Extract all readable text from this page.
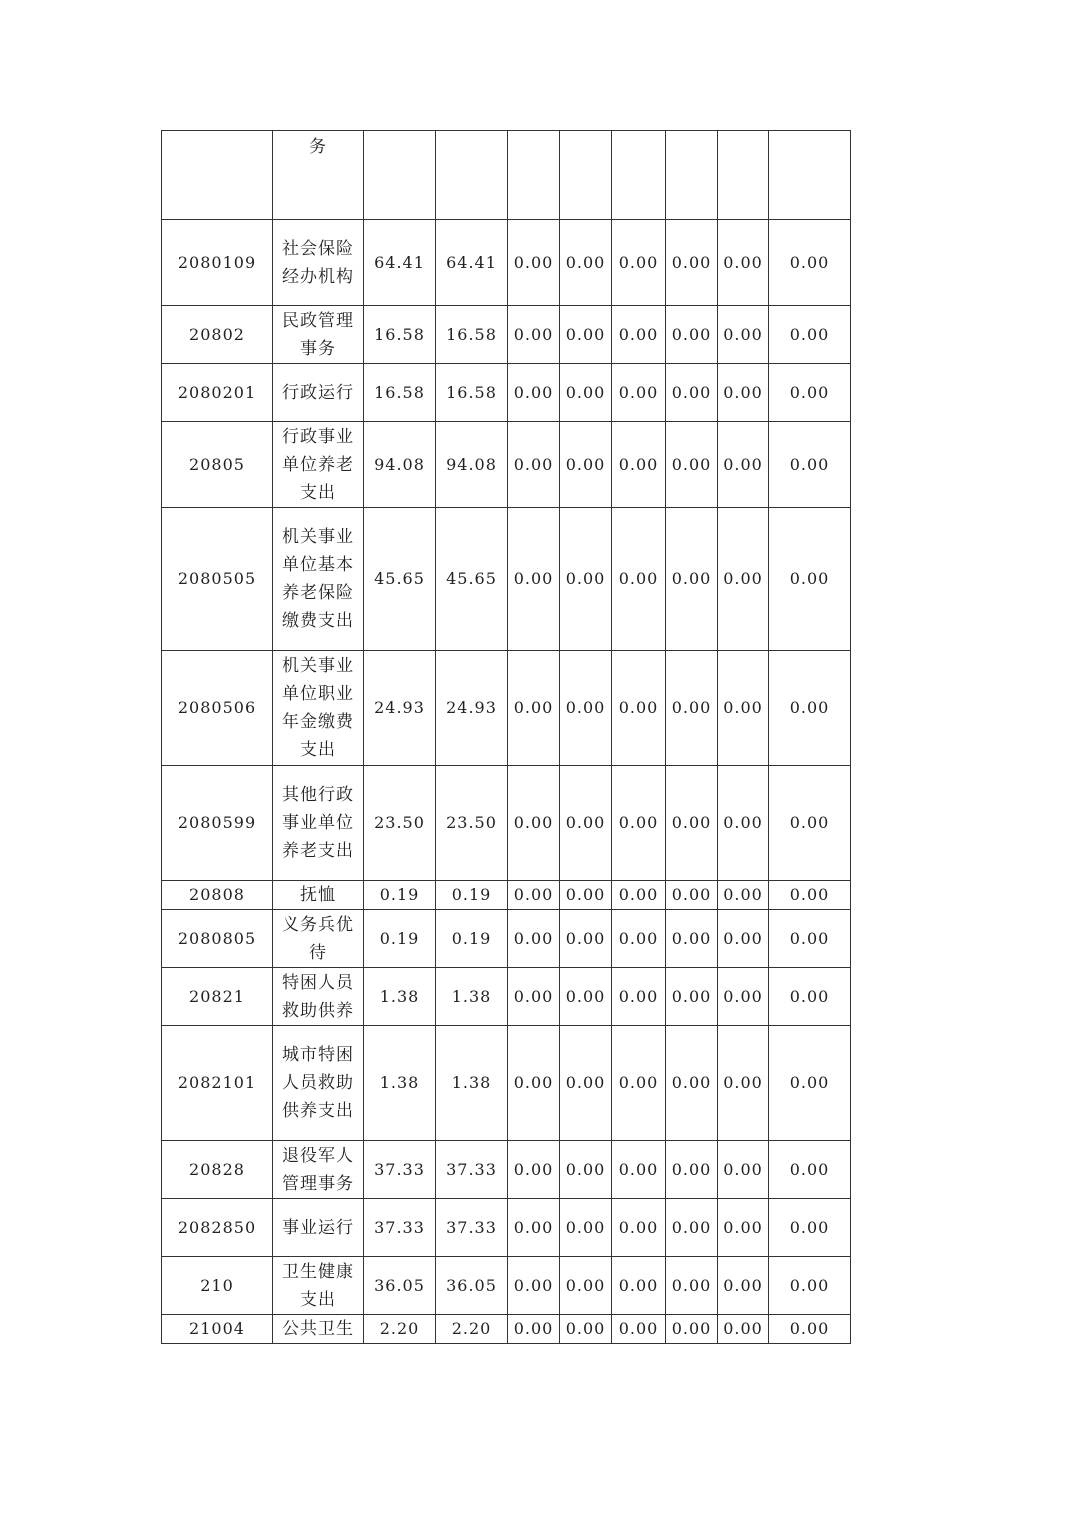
	务								
2080109	社会保险经办机构	64.41	64.41	0.00	0.00	0.00	0.00	0.00	0.00
20802	民政管理事务	16.58	16.58	0.00	0.00	0.00	0.00	0.00	0.00
2080201	行政运行	16.58	16.58	0.00	0.00	0.00	0.00	0.00	0.00
20805	行政事业单位养老支出	94.08	94.08	0.00	0.00	0.00	0.00	0.00	0.00
2080505	机关事业单位基本养老保险缴费支出	45.65	45.65	0.00	0.00	0.00	0.00	0.00	0.00
2080506	机关事业单位职业年金缴费支出	24.93	24.93	0.00	0.00	0.00	0.00	0.00	0.00
2080599	其他行政事业单位养老支出	23.50	23.50	0.00	0.00	0.00	0.00	0.00	0.00
20808	抚恤	0.19	0.19	0.00	0.00	0.00	0.00	0.00	0.00
2080805	义务兵优待	0.19	0.19	0.00	0.00	0.00	0.00	0.00	0.00
20821	特困人员救助供养	1.38	1.38	0.00	0.00	0.00	0.00	0.00	0.00
2082101	城市特困人员救助供养支出	1.38	1.38	0.00	0.00	0.00	0.00	0.00	0.00
20828	退役军人管理事务	37.33	37.33	0.00	0.00	0.00	0.00	0.00	0.00
2082850	事业运行	37.33	37.33	0.00	0.00	0.00	0.00	0.00	0.00
210	卫生健康支出	36.05	36.05	0.00	0.00	0.00	0.00	0.00	0.00
21004	公共卫生	2.20	2.20	0.00	0.00	0.00	0.00	0.00	0.00
